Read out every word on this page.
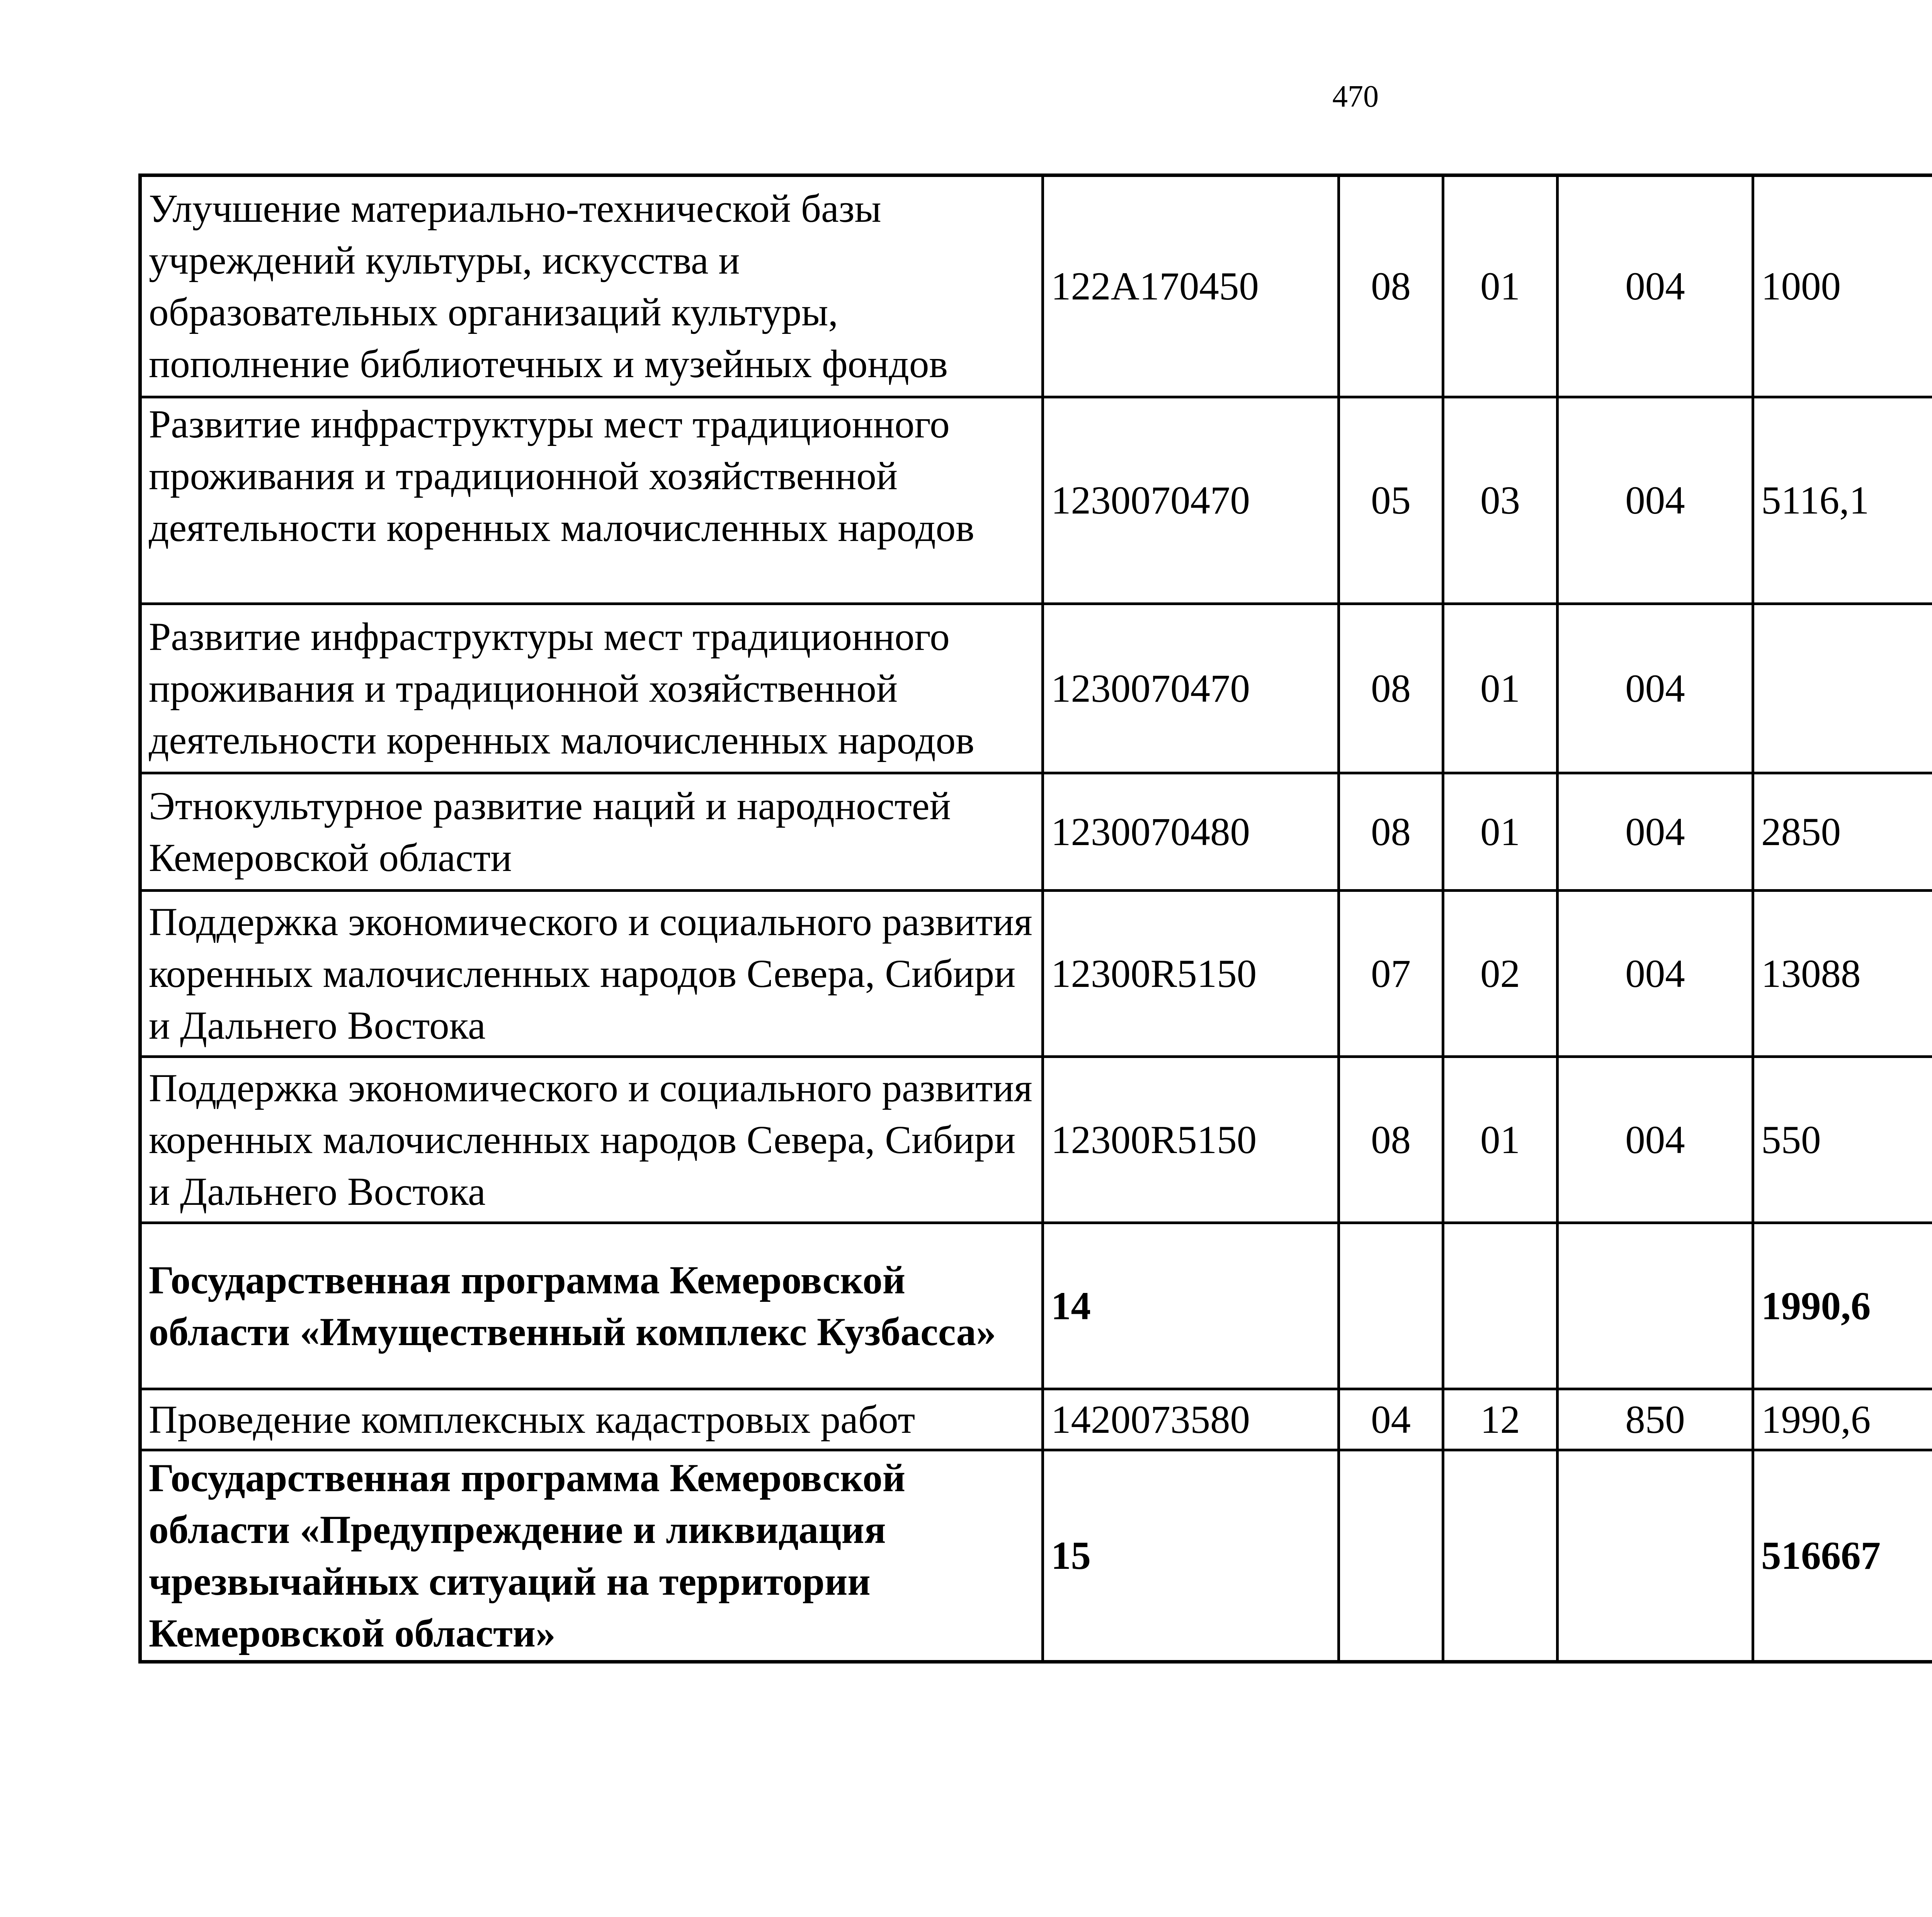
470
Улучшение материально-технической базы учреждений культуры, искусства и образовательных организаций культуры, пополнение библиотечных и музейных фондов	122A170450	08	01	004	1000		
Развитие инфраструктуры мест традиционного проживания и традиционной хозяйственной деятельности коренных малочисленных народов	1230070470	05	03	004	5116,1		
Развитие инфраструктуры мест традиционного проживания и традиционной хозяйственной деятельности коренных малочисленных народов	1230070470	08	01	004			
Этнокультурное развитие наций и народностей Кемеровской области	1230070480	08	01	004	2850		
Поддержка экономического и социального развития коренных малочисленных народов Севера, Сибири и Дальнего Востока	12300R5150	07	02	004	13088		
Поддержка экономического и социального развития коренных малочисленных народов Севера, Сибири и Дальнего Востока	12300R5150	08	01	004	550		
Государственная программа Кемеровской области «Имущественный комплекс Кузбасса»	14				1990,6		
Проведение комплексных кадастровых работ	1420073580	04	12	850	1990,6		
Государственная программа Кемеровской области «Предупреждение и ликвидация чрезвычайных ситуаций на территории Кемеровской области»	15				516667		
